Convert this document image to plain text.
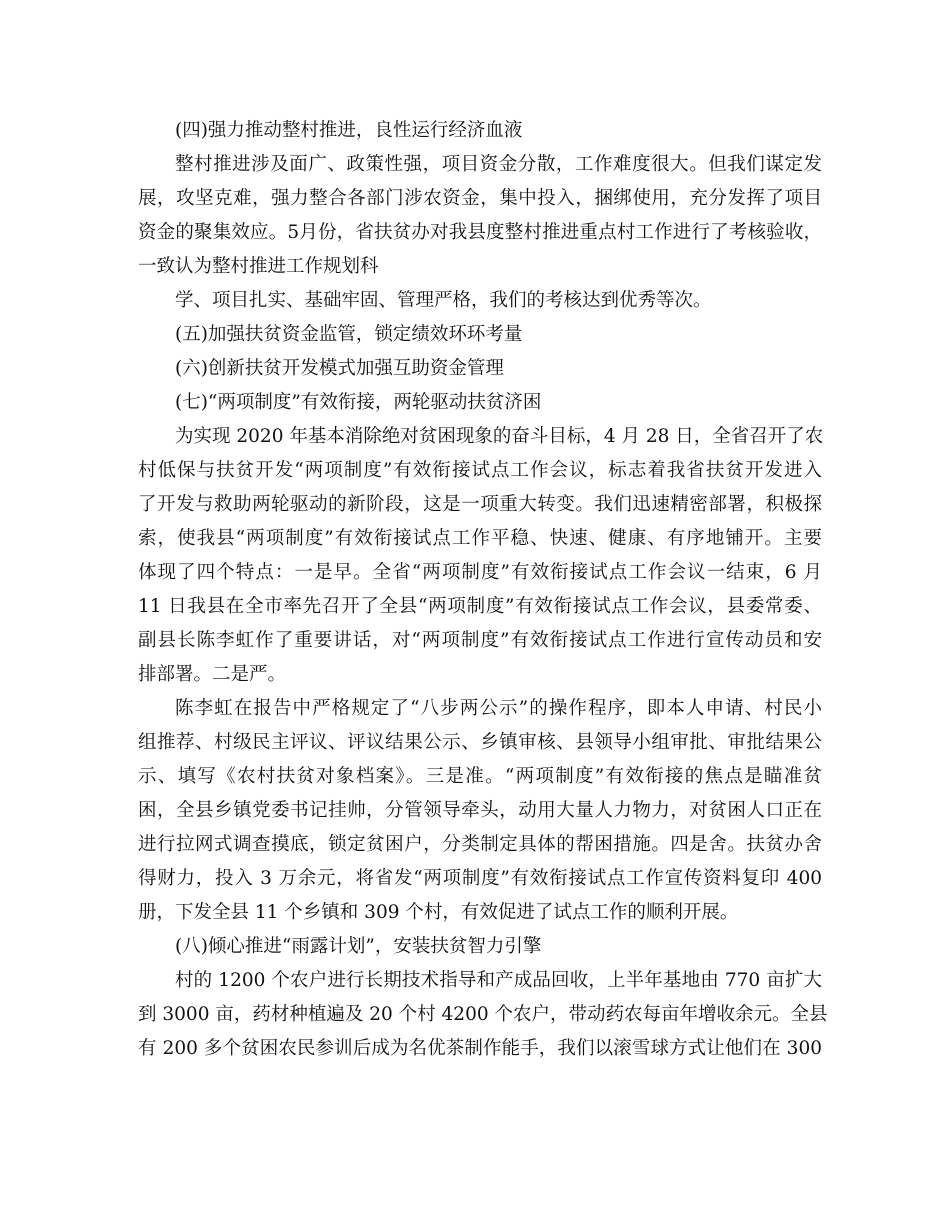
(四)强力推动整村推进，良性运行经济血液
整村推进涉及面广、政策性强，项目资金分散，工作难度很大。但我们谋定发
展，攻坚克难，强力整合各部门涉农资金，集中投入，捆绑使用，充分发挥了项目
资金的聚集效应。5月份，省扶贫办对我县度整村推进重点村工作进行了考核验收，
一致认为整村推进工作规划科
学、项目扎实、基础牢固、管理严格，我们的考核达到优秀等次。
(五)加强扶贫资金监管，锁定绩效环环考量
(六)创新扶贫开发模式加强互助资金管理
(七)“两项制度”有效衔接，两轮驱动扶贫济困
为实现 2020 年基本消除绝对贫困现象的奋斗目标，4 月 28 日，全省召开了农
村低保与扶贫开发“两项制度”有效衔接试点工作会议，标志着我省扶贫开发进入
了开发与救助两轮驱动的新阶段，这是一项重大转变。我们迅速精密部署，积极探
索，使我县“两项制度”有效衔接试点工作平稳、快速、健康、有序地铺开。主要
体现了四个特点：一是早。全省“两项制度”有效衔接试点工作会议一结束，6 月
11 日我县在全市率先召开了全县“两项制度”有效衔接试点工作会议，县委常委、
副县长陈李虹作了重要讲话，对“两项制度”有效衔接试点工作进行宣传动员和安
排部署。二是严。
陈李虹在报告中严格规定了“八步两公示”的操作程序，即本人申请、村民小
组推荐、村级民主评议、评议结果公示、乡镇审核、县领导小组审批、审批结果公
示、填写《农村扶贫对象档案》。三是准。“两项制度”有效衔接的焦点是瞄准贫
困，全县乡镇党委书记挂帅，分管领导牵头，动用大量人力物力，对贫困人口正在
进行拉网式调查摸底，锁定贫困户，分类制定具体的帮困措施。四是舍。扶贫办舍
得财力，投入 3 万余元，将省发“两项制度”有效衔接试点工作宣传资料复印 400
册，下发全县 11 个乡镇和 309 个村，有效促进了试点工作的顺利开展。
(八)倾心推进“雨露计划”，安装扶贫智力引擎
村的 1200 个农户进行长期技术指导和产成品回收，上半年基地由 770 亩扩大
到 3000 亩，药材种植遍及 20 个村 4200 个农户，带动药农每亩年增收余元。全县
有 200 多个贫困农民参训后成为名优茶制作能手，我们以滚雪球方式让他们在 300
